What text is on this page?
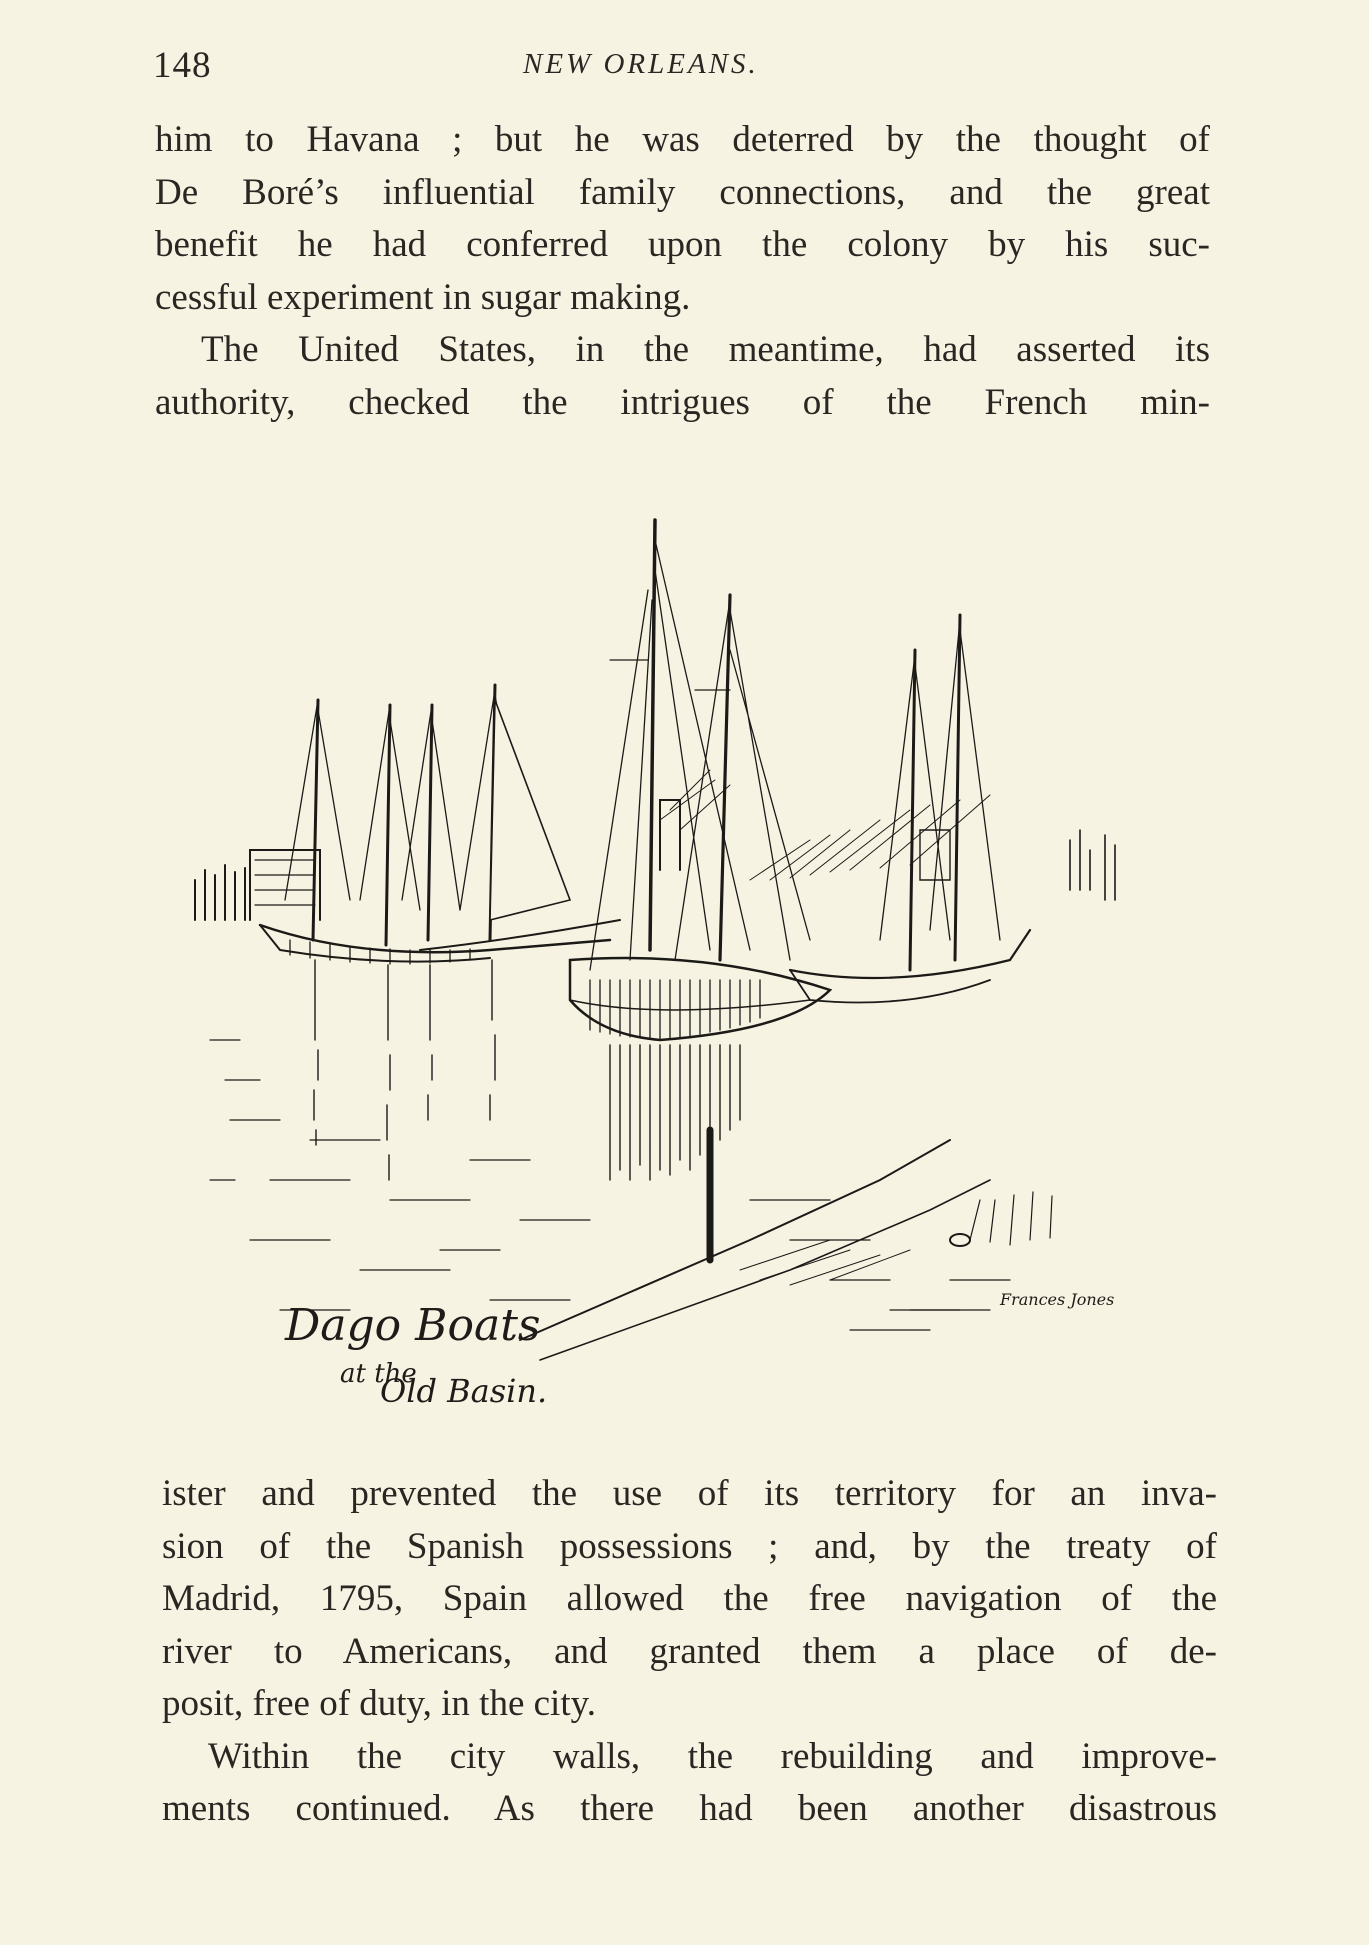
148	NEW ORLEANS.

him to Havana ; but he was deterred by the thought of
De Boré’s influential family connections, and the great
benefit he had conferred upon the colony by his suc-
cessful experiment in sugar making.
The United States, in the meantime, had asserted its
authority, checked the intrigues of the French min-

Frances Jones
Dago Boats
at the
Old Basin.

ister and prevented the use of its territory for an inva-
sion of the Spanish possessions ; and, by the treaty of
Madrid, 1795, Spain allowed the free navigation of the
river to Americans, and granted them a place of de-
posit, free of duty, in the city.
Within the city walls, the rebuilding and improve-
ments continued. As there had been another disastrous
